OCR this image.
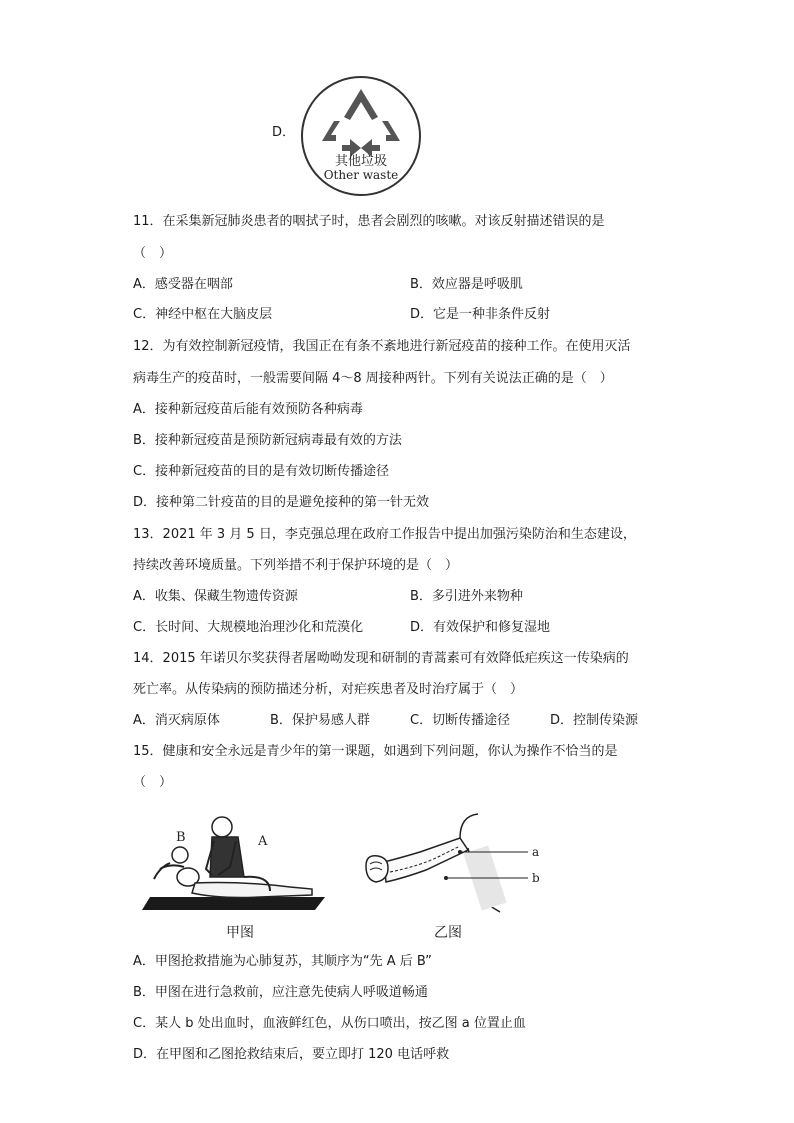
D．
其他垃圾
Other waste
11．在采集新冠肺炎患者的咽拭子时，患者会剧烈的咳嗽。对该反射描述错误的是
（　）
A．感受器在咽部	B．效应器是呼吸肌
C．神经中枢在大脑皮层	D．它是一种非条件反射
12．为有效控制新冠疫情，我国正在有条不紊地进行新冠疫苗的接种工作。在使用灭活
病毒生产的疫苗时，一般需要间隔 4～8 周接种两针。下列有关说法正确的是（　）
A．接种新冠疫苗后能有效预防各种病毒
B．接种新冠疫苗是预防新冠病毒最有效的方法
C．接种新冠疫苗的目的是有效切断传播途径
D．接种第二针疫苗的目的是避免接种的第一针无效
13．2021 年 3 月 5 日，李克强总理在政府工作报告中提出加强污染防治和生态建设，
持续改善环境质量。下列举措不利于保护环境的是（　）
A．收集、保藏生物遗传资源	B．多引进外来物种
C．长时间、大规模地治理沙化和荒漠化	D．有效保护和修复湿地
14．2015 年诺贝尔奖获得者屠呦呦发现和研制的青蒿素可有效降低疟疾这一传染病的
死亡率。从传染病的预防描述分析，对疟疾患者及时治疗属于（　）
A．消灭病原体	B．保护易感人群	C．切断传播途径	D．控制传染源
15．健康和安全永远是青少年的第一课题，如遇到下列问题，你认为操作不恰当的是
（　）
B	A
甲图
a
b
乙图
A．甲图抢救措施为心肺复苏，其顺序为“先 A 后 B”
B．甲图在进行急救前，应注意先使病人呼吸道畅通
C．某人 b 处出血时，血液鲜红色，从伤口喷出，按乙图 a 位置止血
D．在甲图和乙图抢救结束后，要立即打 120 电话呼救
